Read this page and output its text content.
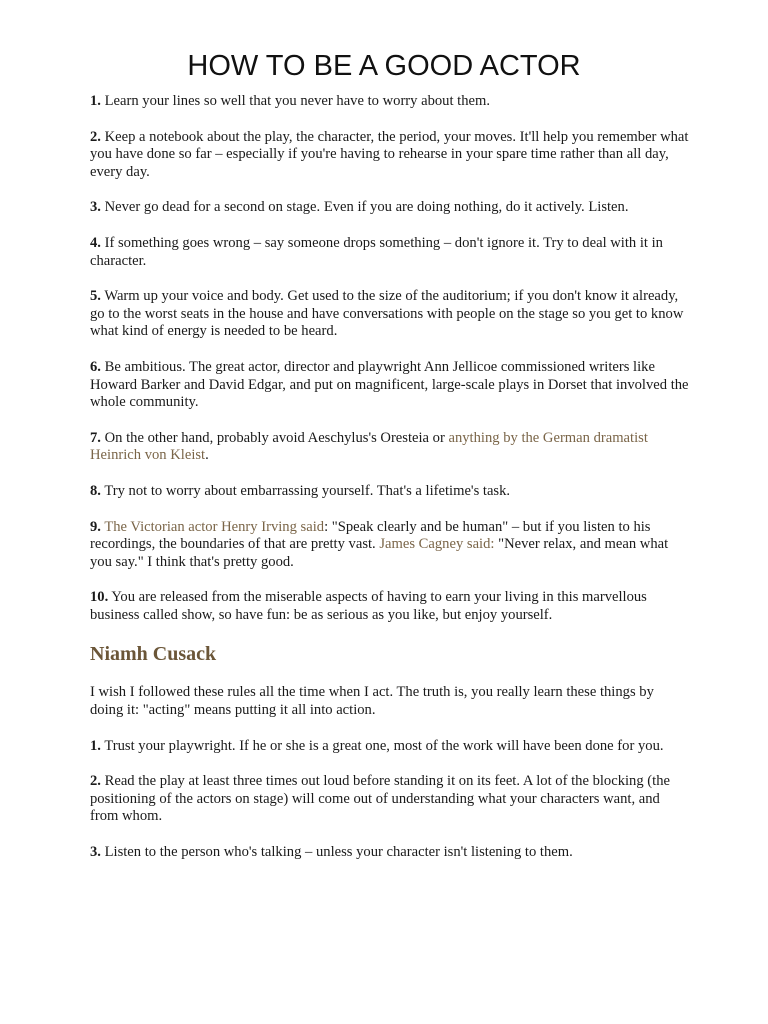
HOW TO BE A GOOD ACTOR

1. Learn your lines so well that you never have to worry about them.

2. Keep a notebook about the play, the character, the period, your moves. It'll help you remember what you have done so far – especially if you're having to rehearse in your spare time rather than all day, every day.

3. Never go dead for a second on stage. Even if you are doing nothing, do it actively. Listen.

4. If something goes wrong – say someone drops something – don't ignore it. Try to deal with it in character.

5. Warm up your voice and body. Get used to the size of the auditorium; if you don't know it already, go to the worst seats in the house and have conversations with people on the stage so you get to know what kind of energy is needed to be heard.

6. Be ambitious. The great actor, director and playwright Ann Jellicoe commissioned writers like Howard Barker and David Edgar, and put on magnificent, large-scale plays in Dorset that involved the whole community.

7. On the other hand, probably avoid Aeschylus's Oresteia or anything by the German dramatist Heinrich von Kleist.

8. Try not to worry about embarrassing yourself. That's a lifetime's task.

9. The Victorian actor Henry Irving said: "Speak clearly and be human" – but if you listen to his recordings, the boundaries of that are pretty vast. James Cagney said: "Never relax, and mean what you say." I think that's pretty good.

10. You are released from the miserable aspects of having to earn your living in this marvellous business called show, so have fun: be as serious as you like, but enjoy yourself.

Niamh Cusack

I wish I followed these rules all the time when I act. The truth is, you really learn these things by doing it: "acting" means putting it all into action.

1. Trust your playwright. If he or she is a great one, most of the work will have been done for you.

2. Read the play at least three times out loud before standing it on its feet. A lot of the blocking (the positioning of the actors on stage) will come out of understanding what your characters want, and from whom.

3. Listen to the person who's talking – unless your character isn't listening to them.
